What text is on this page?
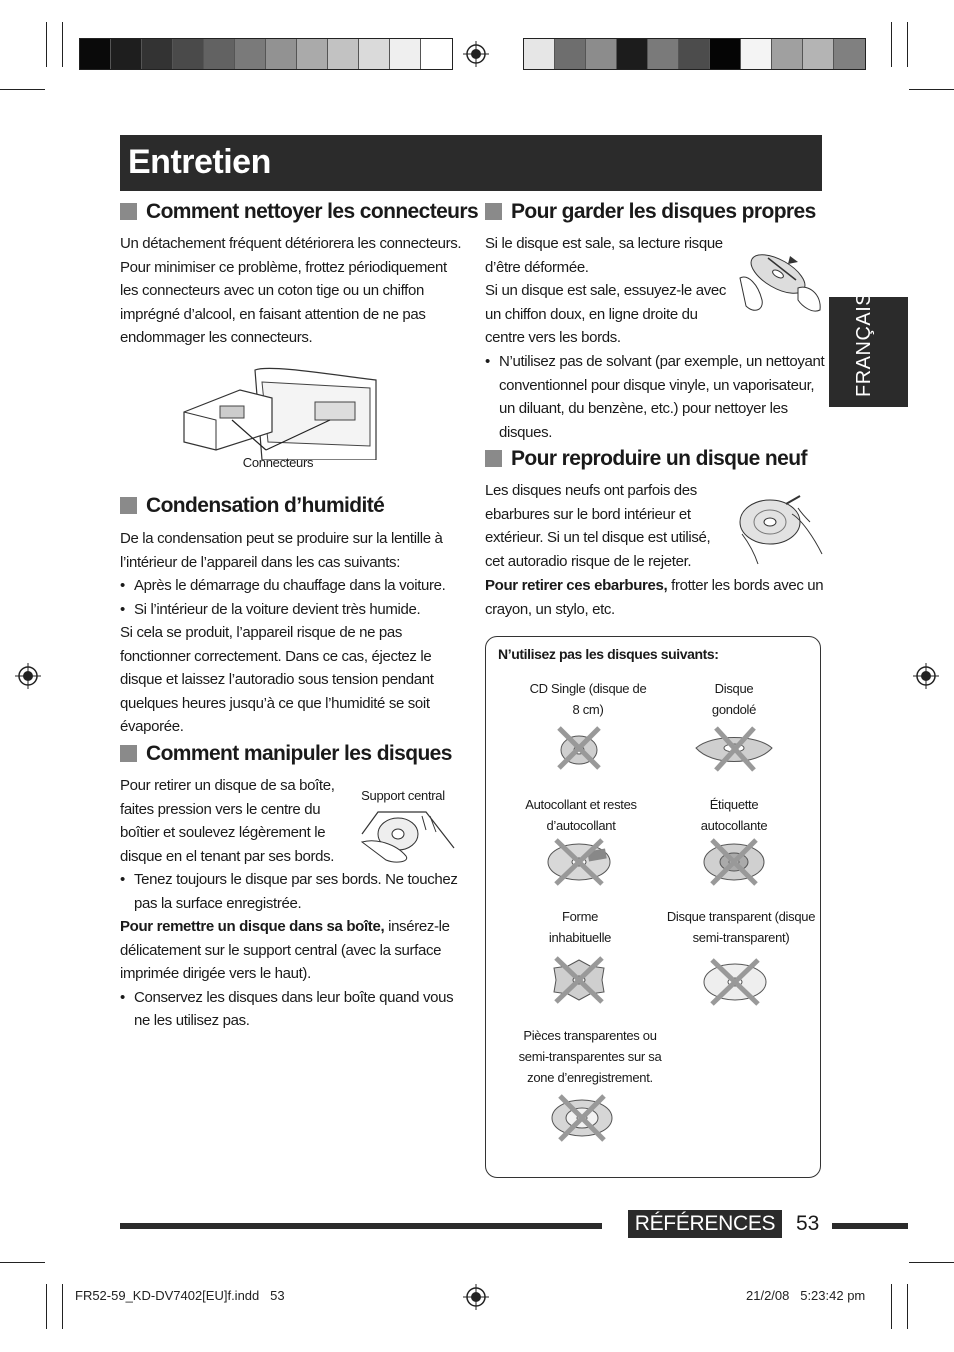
Entretien
FRANÇAIS
Comment nettoyer les connecteurs

Un détachement fréquent détériorera les connecteurs. Pour minimiser ce problème, frottez périodiquement les connecteurs avec un coton tige ou un chiffon imprégné d’alcool, en faisant attention de ne pas endommager les connecteurs.

Connecteurs
Condensation d’humidité

De la condensation peut se produire sur la lentille à l’intérieur de l’appareil dans les cas suivants:

• Après le démarrage du chauffage dans la voiture.

• Si l’intérieur de la voiture devient très humide.

Si cela se produit, l’appareil risque de ne pas fonctionner correctement. Dans ce cas, éjectez le disque et laissez l’autoradio sous tension pendant quelques heures jusqu’à ce que l’humidité se soit évaporée.

Comment manipuler les disques

Pour retirer un disque de sa boîte, faites pression vers le centre du boîtier et soulevez légèrement le disque en el tenant par ses bords.

Support central

• Tenez toujours le disque par ses bords. Ne touchez pas la surface enregistrée.

Pour remettre un disque dans sa boîte, insérez-le délicatement sur le support central (avec la surface imprimée dirigée vers le haut).

• Conservez les disques dans leur boîte quand vous ne les utilisez pas.

Pour garder les disques propres

Si le disque est sale, sa lecture risque d’être déformée.

Si un disque est sale, essuyez-le avec un chiffon doux, en ligne droite du centre vers les bords.

• N’utilisez pas de solvant (par exemple, un nettoyant conventionnel pour disque vinyle, un vaporisateur, un diluant, du benzène, etc.) pour nettoyer les disques.

Pour reproduire un disque neuf

Les disques neufs ont parfois des ebarbures sur le bord intérieur et extérieur. Si un tel disque est utilisé, cet autoradio risque de le rejeter.

Pour retirer ces ebarbures, frotter les bords avec un crayon, un stylo, etc.

N’utilisez pas les disques suivants:
CD Single (disque de 8 cm)
Disque gondolé
Autocollant et restes d’autocollant
Étiquette autocollante
Forme inhabituelle
Disque transparent (disque semi-transparent)
Pièces transparentes ou semi-transparentes sur sa zone d’enregistrement.
RÉFÉRENCES 53
FR52-59_KD-DV7402[EU]f.indd   53	21/2/08   5:23:42 pm
